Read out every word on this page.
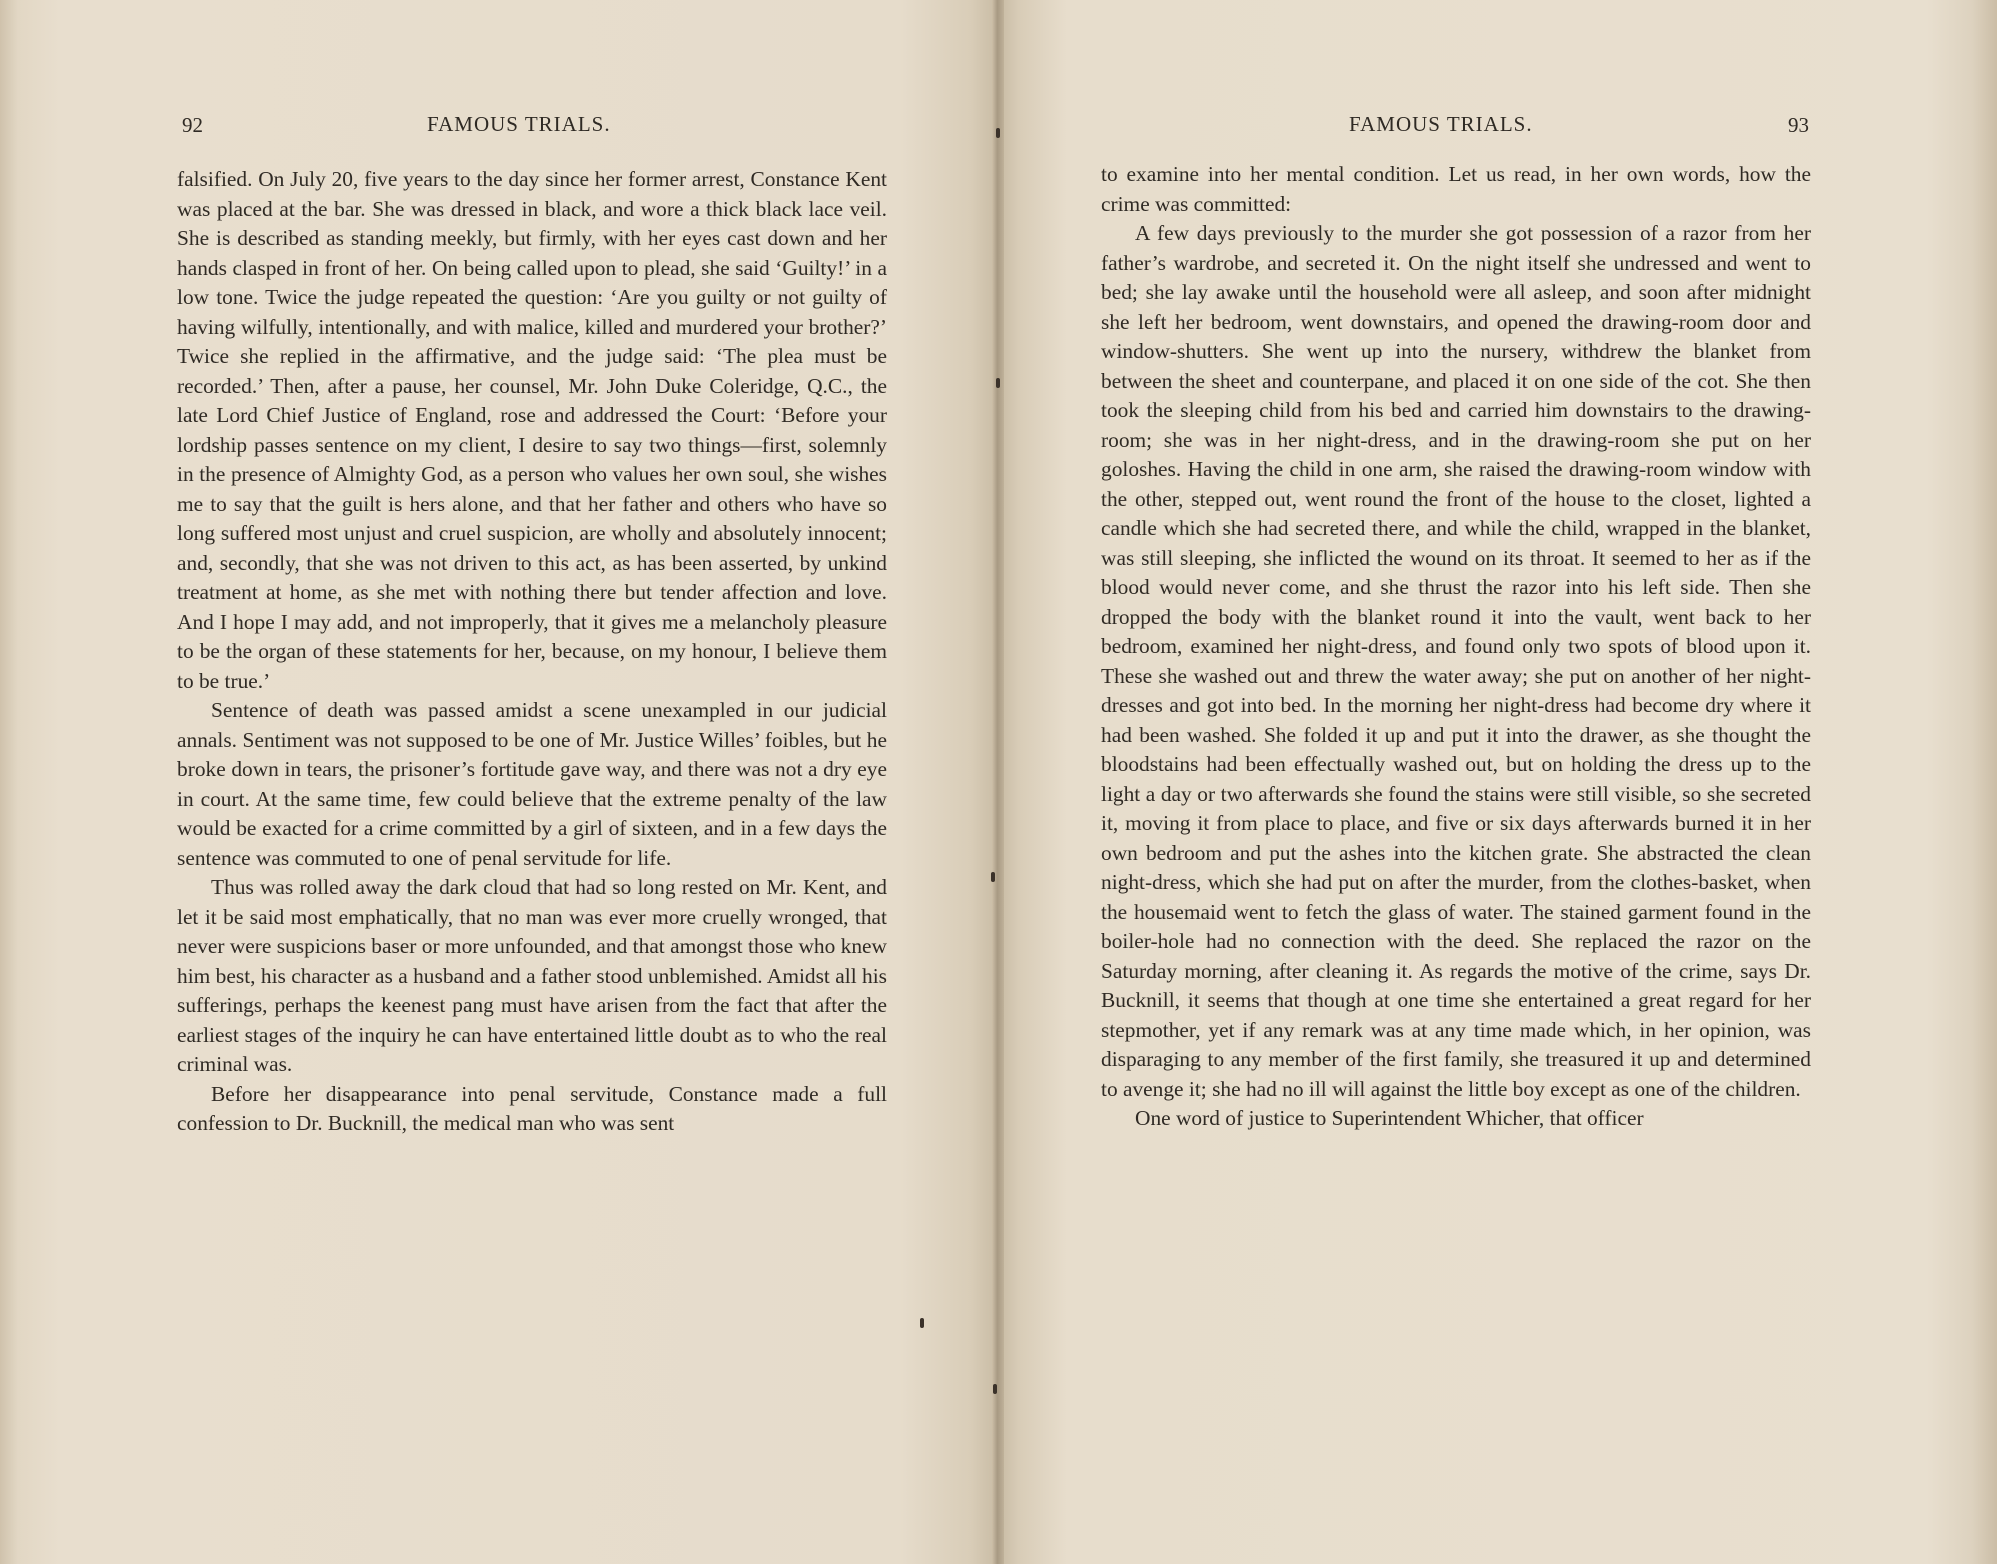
92	FAMOUS TRIALS.

falsified. On July 20, five years to the day since her former arrest, Constance Kent was placed at the bar. She was dressed in black, and wore a thick black lace veil. She is described as standing meekly, but firmly, with her eyes cast down and her hands clasped in front of her. On being called upon to plead, she said ‘Guilty!’ in a low tone. Twice the judge repeated the question: ‘Are you guilty or not guilty of having wilfully, intentionally, and with malice, killed and murdered your brother?’ Twice she replied in the affirmative, and the judge said: ‘The plea must be recorded.’ Then, after a pause, her counsel, Mr. John Duke Coleridge, Q.C., the late Lord Chief Justice of England, rose and addressed the Court: ‘Before your lordship passes sentence on my client, I desire to say two things—first, solemnly in the presence of Almighty God, as a person who values her own soul, she wishes me to say that the guilt is hers alone, and that her father and others who have so long suffered most unjust and cruel suspicion, are wholly and absolutely innocent; and, secondly, that she was not driven to this act, as has been asserted, by unkind treatment at home, as she met with nothing there but tender affection and love. And I hope I may add, and not improperly, that it gives me a melancholy pleasure to be the organ of these statements for her, because, on my honour, I believe them to be true.’

Sentence of death was passed amidst a scene unexampled in our judicial annals. Sentiment was not supposed to be one of Mr. Justice Willes’ foibles, but he broke down in tears, the prisoner’s fortitude gave way, and there was not a dry eye in court. At the same time, few could believe that the extreme penalty of the law would be exacted for a crime committed by a girl of sixteen, and in a few days the sentence was commuted to one of penal servitude for life.

Thus was rolled away the dark cloud that had so long rested on Mr. Kent, and let it be said most emphatically, that no man was ever more cruelly wronged, that never were suspicions baser or more unfounded, and that amongst those who knew him best, his character as a husband and a father stood unblemished. Amidst all his sufferings, perhaps the keenest pang must have arisen from the fact that after the earliest stages of the inquiry he can have entertained little doubt as to who the real criminal was.

Before her disappearance into penal servitude, Constance made a full confession to Dr. Bucknill, the medical man who was sent

FAMOUS TRIALS.	93

to examine into her mental condition. Let us read, in her own words, how the crime was committed:

A few days previously to the murder she got possession of a razor from her father’s wardrobe, and secreted it. On the night itself she undressed and went to bed; she lay awake until the household were all asleep, and soon after midnight she left her bedroom, went downstairs, and opened the drawing-room door and window-shutters. She went up into the nursery, withdrew the blanket from between the sheet and counterpane, and placed it on one side of the cot. She then took the sleeping child from his bed and carried him downstairs to the drawing-room; she was in her night-dress, and in the drawing-room she put on her goloshes. Having the child in one arm, she raised the drawing-room window with the other, stepped out, went round the front of the house to the closet, lighted a candle which she had secreted there, and while the child, wrapped in the blanket, was still sleeping, she inflicted the wound on its throat. It seemed to her as if the blood would never come, and she thrust the razor into his left side. Then she dropped the body with the blanket round it into the vault, went back to her bedroom, examined her night-dress, and found only two spots of blood upon it. These she washed out and threw the water away; she put on another of her night-dresses and got into bed. In the morning her night-dress had become dry where it had been washed. She folded it up and put it into the drawer, as she thought the bloodstains had been effectually washed out, but on holding the dress up to the light a day or two afterwards she found the stains were still visible, so she secreted it, moving it from place to place, and five or six days afterwards burned it in her own bedroom and put the ashes into the kitchen grate. She abstracted the clean night-dress, which she had put on after the murder, from the clothes-basket, when the housemaid went to fetch the glass of water. The stained garment found in the boiler-hole had no connection with the deed. She replaced the razor on the Saturday morning, after cleaning it. As regards the motive of the crime, says Dr. Bucknill, it seems that though at one time she entertained a great regard for her stepmother, yet if any remark was at any time made which, in her opinion, was disparaging to any member of the first family, she treasured it up and determined to avenge it; she had no ill will against the little boy except as one of the children.

One word of justice to Superintendent Whicher, that officer
